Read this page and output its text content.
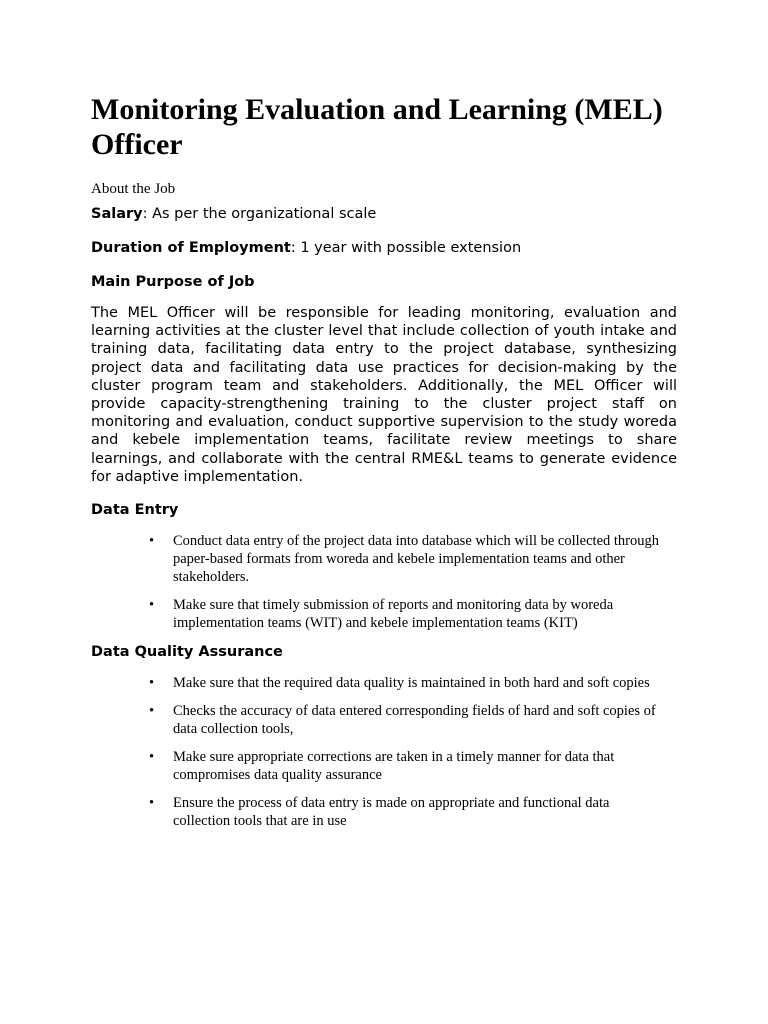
Monitoring Evaluation and Learning (MEL) Officer
About the Job

Salary: As per the organizational scale

Duration of Employment: 1 year with possible extension

Main Purpose of Job

The MEL Officer will be responsible for leading monitoring, evaluation and learning activities at the cluster level that include collection of youth intake and training data, facilitating data entry to the project database, synthesizing project data and facilitating data use practices for decision-making by the cluster program team and stakeholders. Additionally, the MEL Officer will provide capacity-strengthening training to the cluster project staff on monitoring and evaluation, conduct supportive supervision to the study woreda and kebele implementation teams, facilitate review meetings to share learnings, and collaborate with the central RME&L teams to generate evidence for adaptive implementation.

Data Entry
• Conduct data entry of the project data into database which will be collected through paper-based formats from woreda and kebele implementation teams and other stakeholders.
• Make sure that timely submission of reports and monitoring data by woreda implementation teams (WIT) and kebele implementation teams (KIT)
Data Quality Assurance
• Make sure that the required data quality is maintained in both hard and soft copies
• Checks the accuracy of data entered corresponding fields of hard and soft copies of data collection tools,
• Make sure appropriate corrections are taken in a timely manner for data that compromises data quality assurance
• Ensure the process of data entry is made on appropriate and functional data collection tools that are in use
